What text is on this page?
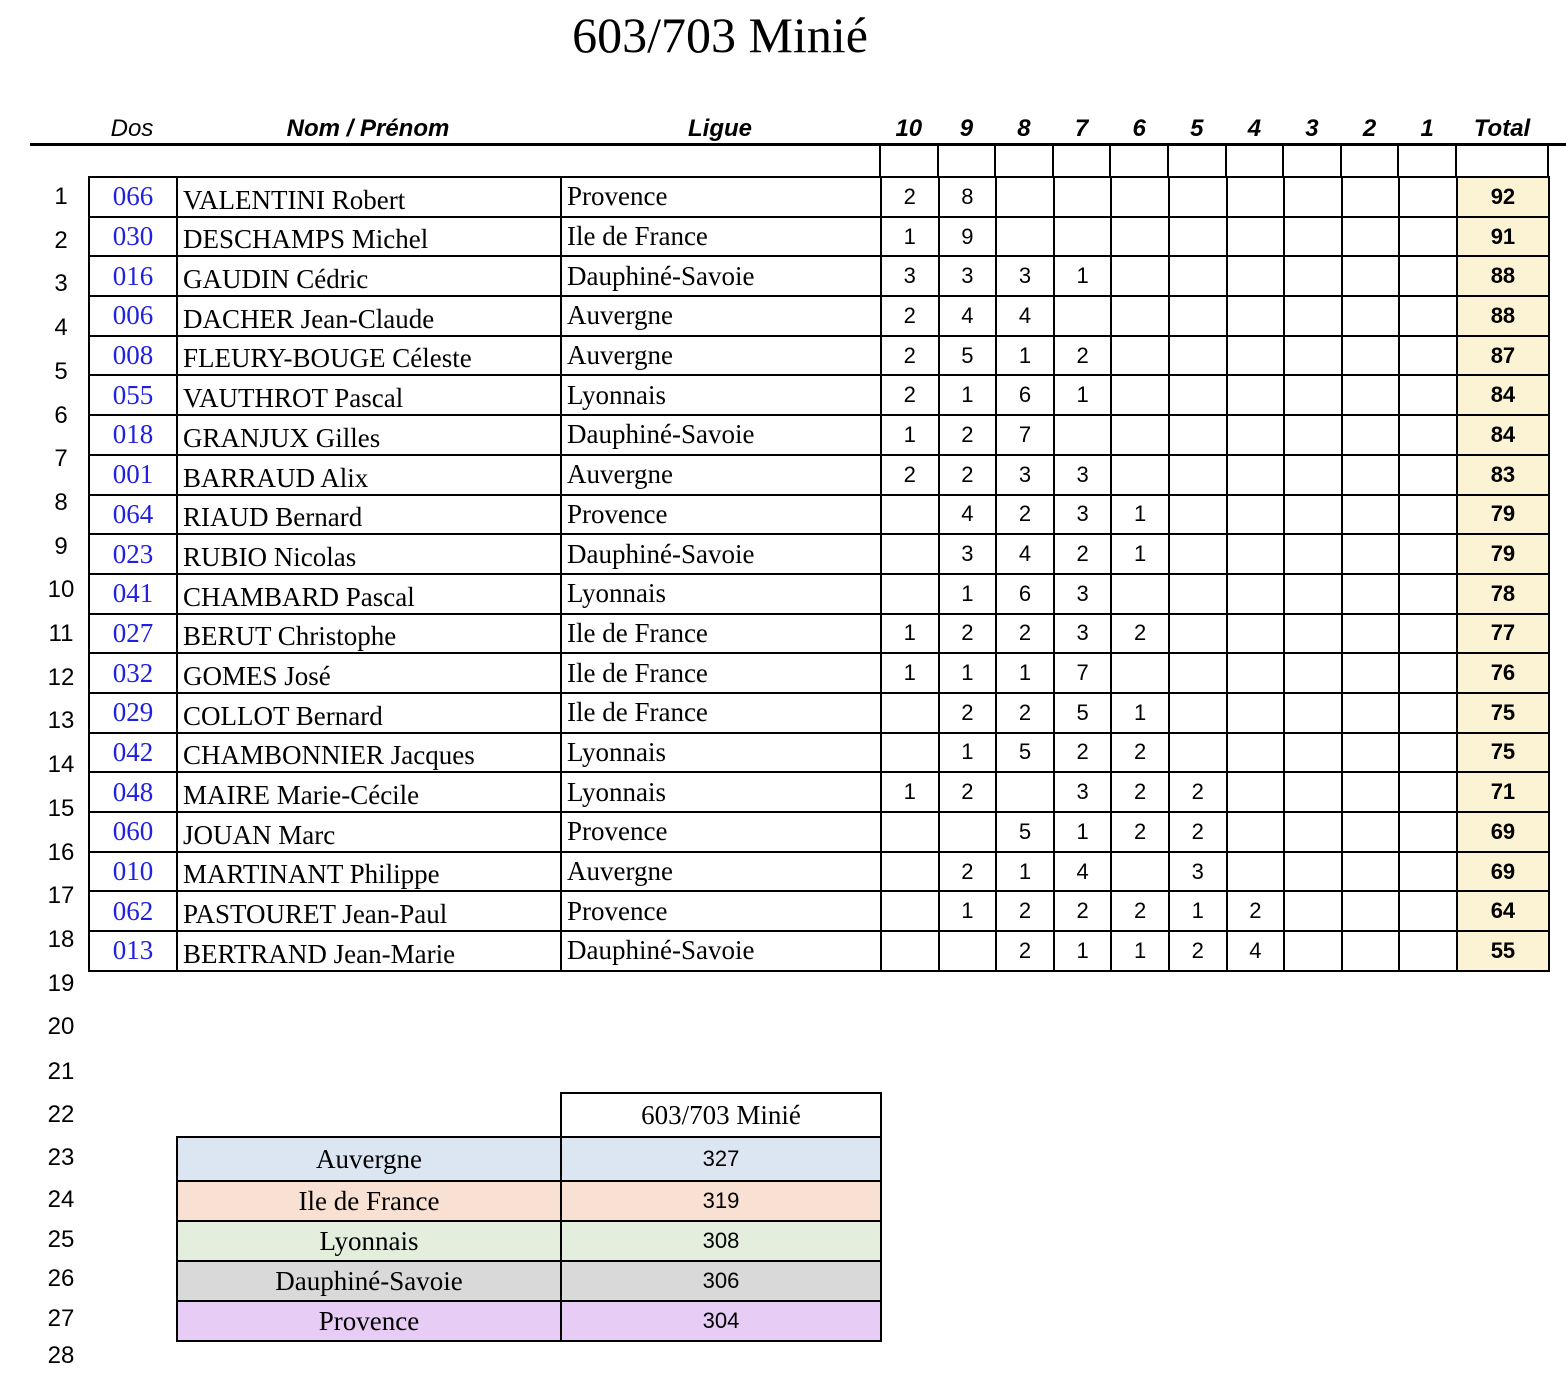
603/703 Minié
Dos	Nom / Prénom	Ligue	10	9	8	7	6	5	4	3	2	1	Total
1
2
3
4
5
6
7
8
9
10
11
12
13
14
15
16
17
18
19
20
21
22
23
24
25
26
27
28
066	VALENTINI Robert	Provence	2	8									92
030	DESCHAMPS Michel	Ile de France	1	9									91
016	GAUDIN Cédric	Dauphiné-Savoie	3	3	3	1							88
006	DACHER Jean-Claude	Auvergne	2	4	4								88
008	FLEURY-BOUGE Céleste	Auvergne	2	5	1	2							87
055	VAUTHROT Pascal	Lyonnais	2	1	6	1							84
018	GRANJUX Gilles	Dauphiné-Savoie	1	2	7								84
001	BARRAUD Alix	Auvergne	2	2	3	3							83
064	RIAUD Bernard	Provence		4	2	3	1						79
023	RUBIO Nicolas	Dauphiné-Savoie		3	4	2	1						79
041	CHAMBARD Pascal	Lyonnais		1	6	3							78
027	BERUT Christophe	Ile de France	1	2	2	3	2						77
032	GOMES José	Ile de France	1	1	1	7							76
029	COLLOT Bernard	Ile de France		2	2	5	1						75
042	CHAMBONNIER Jacques	Lyonnais		1	5	2	2						75
048	MAIRE Marie-Cécile	Lyonnais	1	2		3	2	2					71
060	JOUAN Marc	Provence			5	1	2	2					69
010	MARTINANT Philippe	Auvergne		2	1	4		3					69
062	PASTOURET Jean-Paul	Provence		1	2	2	2	1	2				64
013	BERTRAND Jean-Marie	Dauphiné-Savoie			2	1	1	2	4				55
	603/703 Minié
Auvergne	327
Ile de France	319
Lyonnais	308
Dauphiné-Savoie	306
Provence	304
